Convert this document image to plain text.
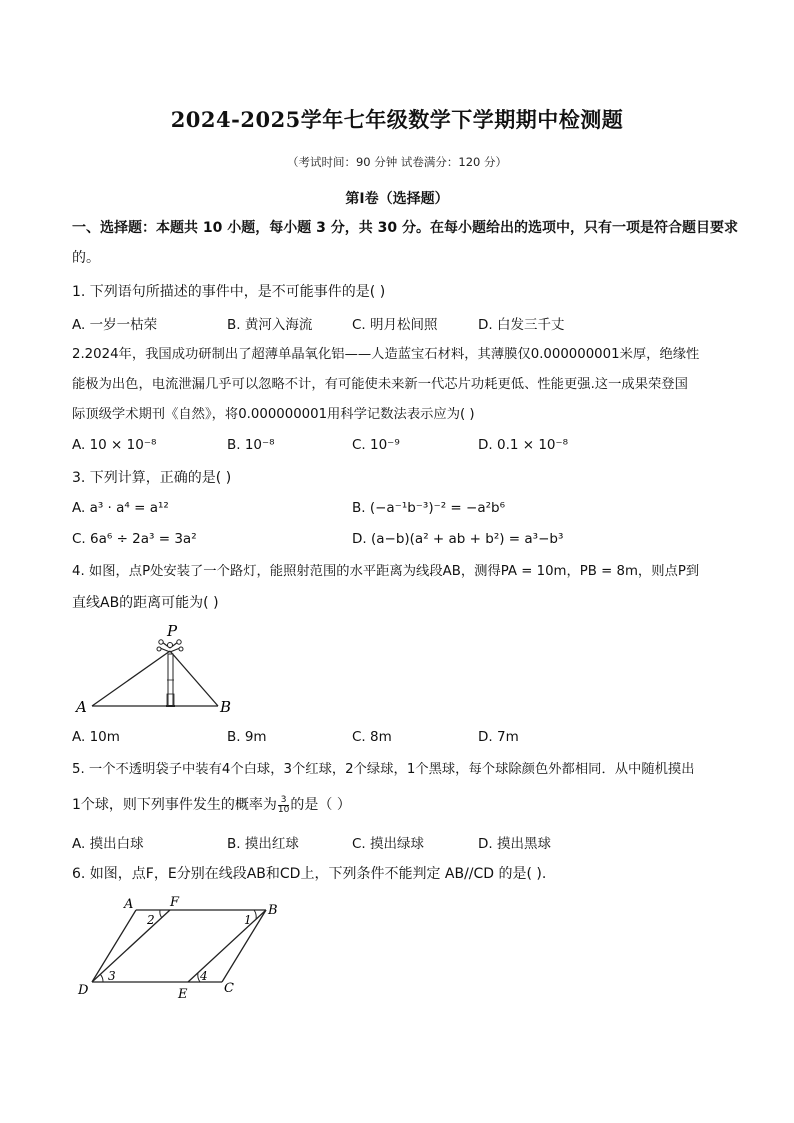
2024-2025学年七年级数学下学期期中检测题
（考试时间：90 分钟 试卷满分：120 分）
第Ⅰ卷（选择题）
一、选择题：本题共 10 小题，每小题 3 分，共 30 分。在每小题给出的选项中，只有一项是符合题目要求
的。
1. 下列语句所描述的事件中，是不可能事件的是( )
A. 一岁一枯荣	B. 黄河入海流	C. 明月松间照	D. 白发三千丈
2.2024年，我国成功研制出了超薄单晶氧化铝——人造蓝宝石材料，其薄膜仅0.000000001米厚，绝缘性
能极为出色，电流泄漏几乎可以忽略不计，有可能使未来新一代芯片功耗更低、性能更强.这一成果荣登国
际顶级学术期刊《自然》，将0.000000001用科学记数法表示应为( )
A. 10 × 10⁻⁸	B. 10⁻⁸	C. 10⁻⁹	D. 0.1 × 10⁻⁸
3. 下列计算，正确的是( )
A. a³ · a⁴ = a¹²	B. (−a⁻¹b⁻³)⁻² = −a²b⁶
C. 6a⁶ ÷ 2a³ = 3a²	D. (a−b)(a² + ab + b²) = a³−b³
4. 如图，点P处安装了一个路灯，能照射范围的水平距离为线段AB，测得PA = 10m，PB = 8m，则点P到
直线AB的距离可能为( )
P
A	B
A. 10m	B. 9m	C. 8m	D. 7m
5. 一个不透明袋子中装有4个白球，3个红球，2个绿球，1个黑球，每个球除颜色外都相同．从中随机摸出
1个球，则下列事件发生的概率为 $\frac{3}{10}$ 的是（ ）
A. 摸出白球	B. 摸出红球	C. 摸出绿球	D. 摸出黑球
6. 如图，点F，E分别在线段AB和CD上，下列条件不能判定 AB//CD 的是( ).
A	F
B
D	E	C
2	1
3	4
